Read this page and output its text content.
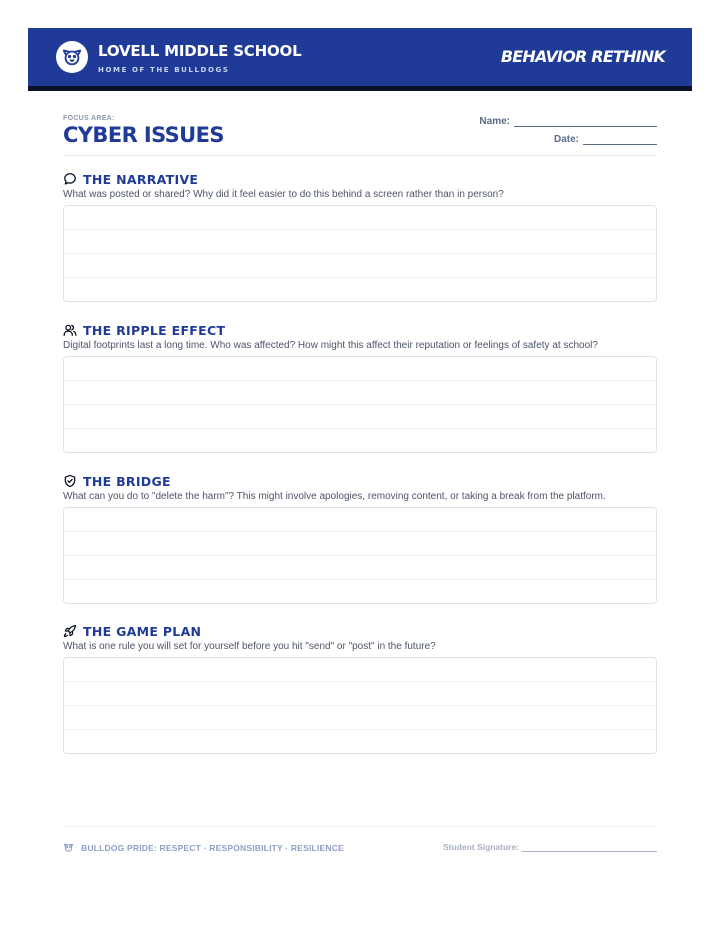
LOVELL MIDDLE SCHOOL
HOME OF THE BULLDOGS
BEHAVIOR RETHINK
FOCUS AREA:
CYBER ISSUES
Name:
Date:
THE NARRATIVE
What was posted or shared? Why did it feel easier to do this behind a screen rather than in person?
THE RIPPLE EFFECT
Digital footprints last a long time. Who was affected? How might this affect their reputation or feelings of safety at school?
THE BRIDGE
What can you do to "delete the harm"? This might involve apologies, removing content, or taking a break from the platform.
THE GAME PLAN
What is one rule you will set for yourself before you hit "send" or "post" in the future?
BULLDOG PRIDE: RESPECT · RESPONSIBILITY · RESILIENCE	Student Signature:
